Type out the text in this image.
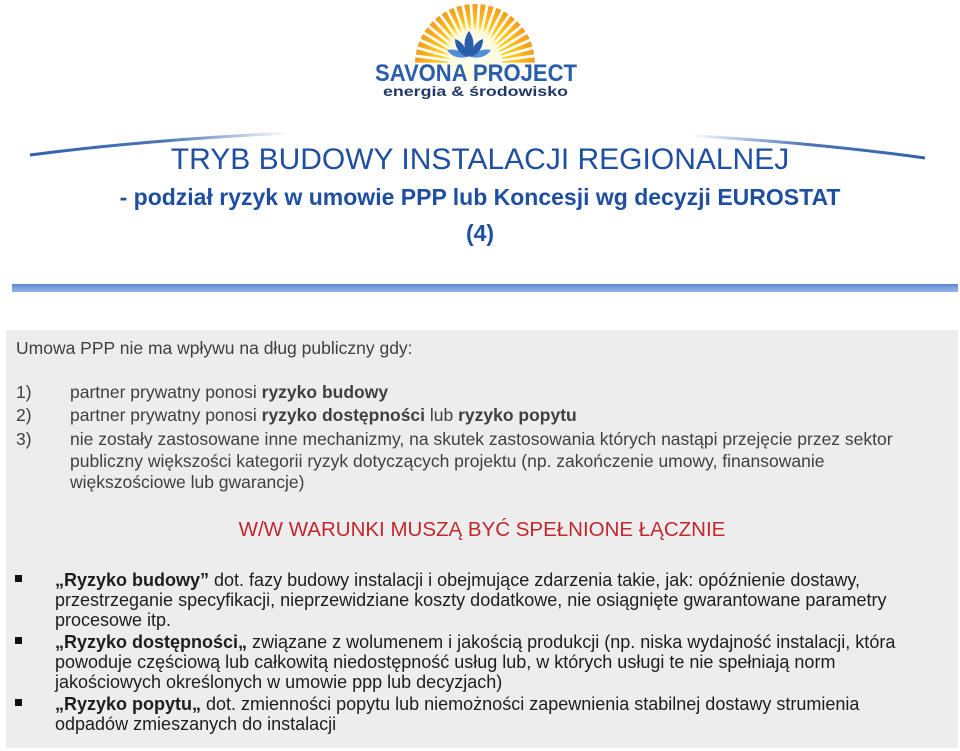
SAVONA PROJECT
energia & środowisko
TRYB BUDOWY INSTALACJI REGIONALNEJ
- podział ryzyk w umowie PPP lub Koncesji wg decyzji EUROSTAT
(4)
Umowa PPP nie ma wpływu na dług publiczny gdy:
1) partner prywatny ponosi ryzyko budowy
2) partner prywatny ponosi ryzyko dostępności lub ryzyko popytu
3) nie zostały zastosowane inne mechanizmy, na skutek zastosowania których nastąpi przejęcie przez sektor
publiczny większości kategorii ryzyk dotyczących projektu (np. zakończenie umowy, finansowanie
większościowe lub gwarancje)
W/W WARUNKI MUSZĄ BYĆ SPEŁNIONE ŁĄCZNIE
„Ryzyko budowy” dot. fazy budowy instalacji i obejmujące zdarzenia takie, jak: opóźnienie dostawy,
przestrzeganie specyfikacji, nieprzewidziane koszty dodatkowe, nie osiągnięte gwarantowane parametry
procesowe itp.
„Ryzyko dostępności„ związane z wolumenem i jakością produkcji (np. niska wydajność instalacji, która
powoduje częściową lub całkowitą niedostępność usług lub, w których usługi te nie spełniają norm
jakościowych określonych w umowie ppp lub decyzjach)
„Ryzyko popytu„ dot. zmienności popytu lub niemożności zapewnienia stabilnej dostawy strumienia
odpadów zmieszanych do instalacji
